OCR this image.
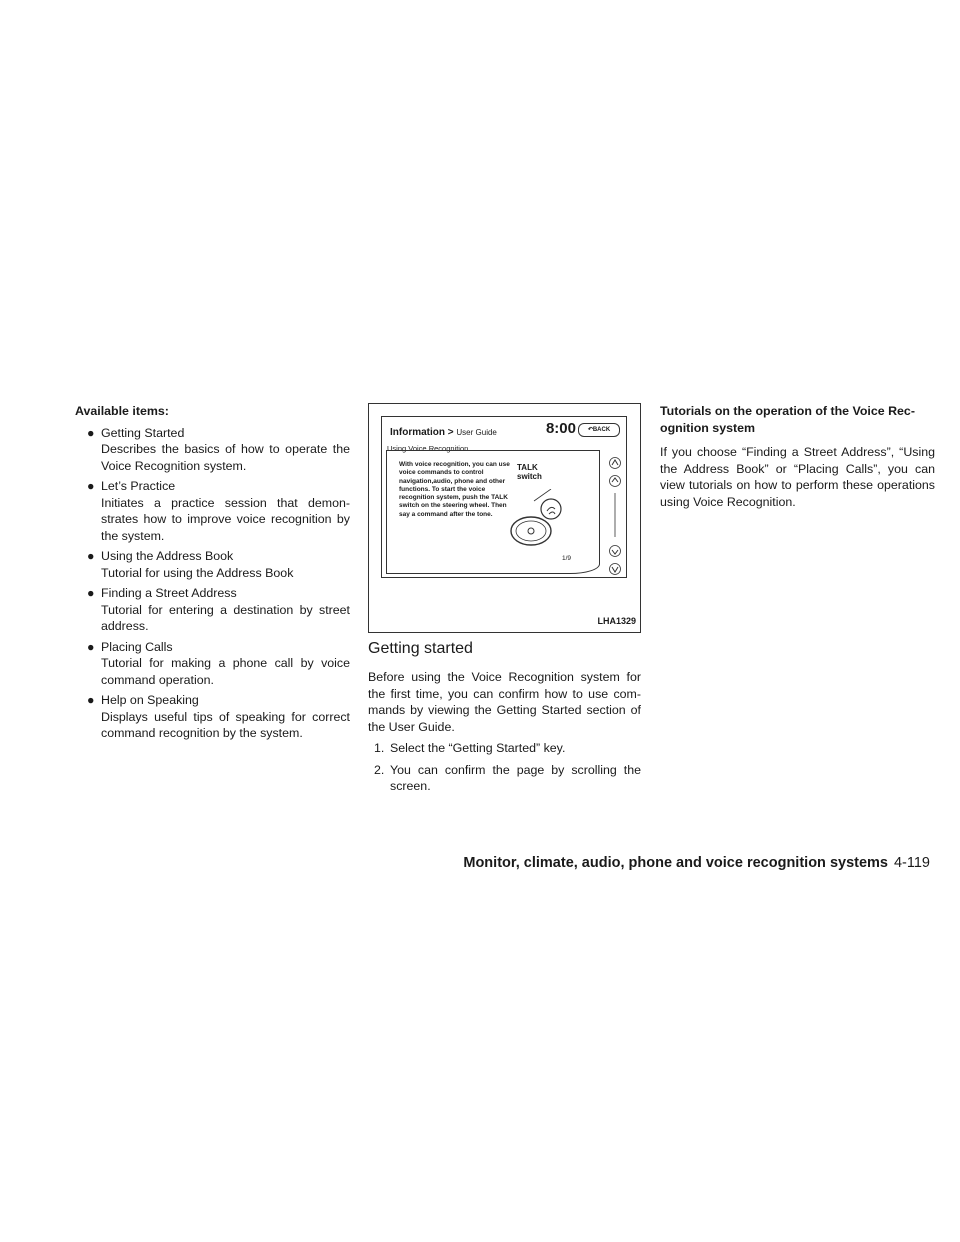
Available items:

● Getting Started

Describes the basics of how to operate the Voice Recognition system.

● Let’s Practice

Initiates a practice session that demon-strates how to improve voice recognition by the system.

● Using the Address Book

Tutorial for using the Address Book

● Finding a Street Address

Tutorial for entering a destination by street address.

● Placing Calls

Tutorial for making a phone call by voice command operation.

● Help on Speaking

Displays useful tips of speaking for correct command recognition by the system.

Information > User Guide	8:00	↶BACK
Using Voice Recognition
With voice recognition, you can use voice commands to control navigation,audio, phone and other functions. To start the voice recognition system, push the TALK switch on the steering wheel. Then say a command after the tone.
TALK
switch
1/9
LHA1329
Getting started

Before using the Voice Recognition system for the first time, you can confirm how to use com-mands by viewing the Getting Started section of the User Guide.

1. Select the “Getting Started” key.

2. You can confirm the page by scrolling the screen.

Tutorials on the operation of the Voice Rec-ognition system

If you choose “Finding a Street Address”, “Using the Address Book” or “Placing Calls”, you can view tutorials on how to perform these operations using Voice Recognition.

Monitor, climate, audio, phone and voice recognition systems 4-119
